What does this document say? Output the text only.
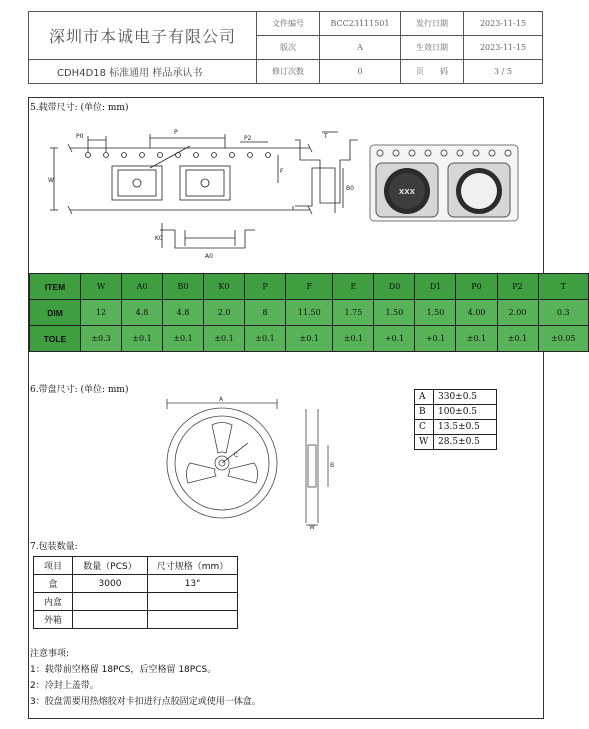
深圳市本诚电子有限公司	文件编号	BCC23111501	发行日期	2023-11-15
	版次	A	生效日期	2023-11-15
CDH4D18 标准通用 样品承认书	修订次数	0	页　　码	3 / 5
5.载带尺寸: (单位: mm)
P0
P
P2
F
W
T
B0
K0
A0
XXX
ITEM	W	A0	B0	K0	P	F	E	D0	D1	P0	P2	T
DIM	12	4.8	4.8	2.0	8	11.50	1.75	1.50	1.50	4.00	2.00	0.3
TOLE	±0.3	±0.1	±0.1	±0.1	±0.1	±0.1	±0.1	+0.1	+0.1	±0.1	±0.1	±0.05
6.带盘尺寸: (单位: mm)
A
B
C
W
A	330±0.5
B	100±0.5
C	13.5±0.5
W	28.5±0.5
7.包装数量:
项目	数量（PCS）	尺寸规格（mm）
盒	3000	13"
内盒		
外箱		
注意事项:
1：载带前空格留 18PCS，后空格留 18PCS。
2：冷封上盖带。
3：胶盘需要用热熔胶对卡扣进行点胶固定或使用一体盒。
